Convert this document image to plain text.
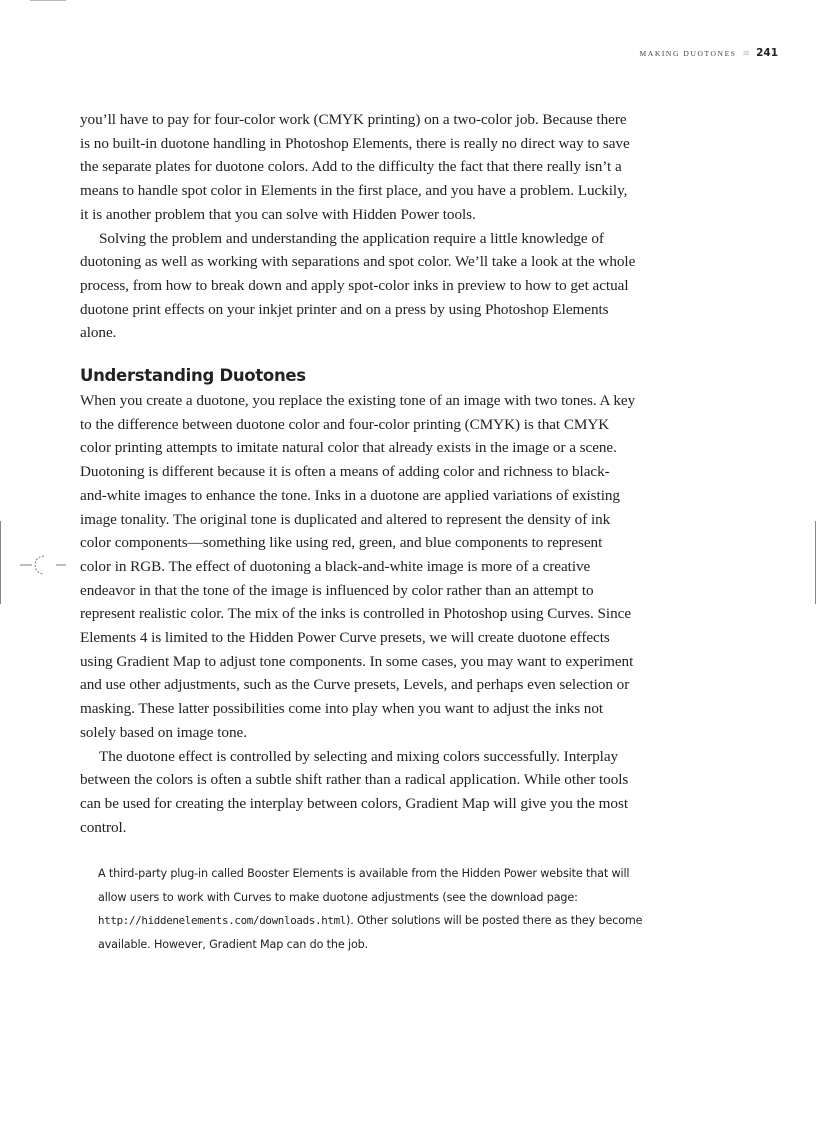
MAKING DUOTONES ≋ 241

you’ll have to pay for four-color work (CMYK printing) on a two-color job. Because there is no built-in duotone handling in Photoshop Elements, there is really no direct way to save the separate plates for duotone colors. Add to the difficulty the fact that there really isn’t a means to handle spot color in Elements in the first place, and you have a problem. Luckily, it is another problem that you can solve with Hidden Power tools.

Solving the problem and understanding the application require a little knowledge of duotoning as well as working with separations and spot color. We’ll take a look at the whole process, from how to break down and apply spot-color inks in preview to how to get actual duotone print effects on your inkjet printer and on a press by using Photoshop Elements alone.

Understanding Duotones

When you create a duotone, you replace the existing tone of an image with two tones. A key to the difference between duotone color and four-color printing (CMYK) is that CMYK color printing attempts to imitate natural color that already exists in the image or a scene. Duotoning is different because it is often a means of adding color and richness to black-and-white images to enhance the tone. Inks in a duotone are applied variations of existing image tonality. The original tone is duplicated and altered to represent the density of ink color components—something like using red, green, and blue components to represent color in RGB. The effect of duotoning a black-and-white image is more of a creative endeavor in that the tone of the image is influenced by color rather than an attempt to represent realistic color. The mix of the inks is controlled in Photoshop using Curves. Since Elements 4 is limited to the Hidden Power Curve presets, we will create duotone effects using Gradient Map to adjust tone components. In some cases, you may want to experiment and use other adjustments, such as the Curve presets, Levels, and perhaps even selection or masking. These latter possibilities come into play when you want to adjust the inks not solely based on image tone.

The duotone effect is controlled by selecting and mixing colors successfully. Interplay between the colors is often a subtle shift rather than a radical application. While other tools can be used for creating the interplay between colors, Gradient Map will give you the most control.

A third-party plug-in called Booster Elements is available from the Hidden Power website that will allow users to work with Curves to make duotone adjustments (see the download page: http://hiddenelements.com/downloads.html). Other solutions will be posted there as they become available. However, Gradient Map can do the job.
